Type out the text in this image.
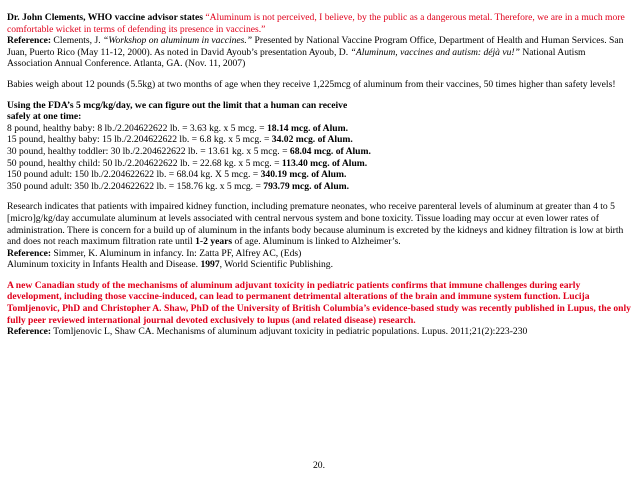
Dr. John Clements, WHO vaccine advisor states “Aluminum is not perceived, I believe, by the public as a dangerous metal. Therefore, we are in a much more comfortable wicket in terms of defending its presence in vaccines.”
Reference: Clements, J. “Workshop on aluminum in vaccines.” Presented by National Vaccine Program Office, Department of Health and Human Services. San Juan, Puerto Rico (May 11-12, 2000). As noted in David Ayoub’s presentation Ayoub, D. “Aluminum, vaccines and autism: déjà vu!” National Autism Association Annual Conference. Atlanta, GA. (Nov. 11, 2007)

Babies weigh about 12 pounds (5.5kg) at two months of age when they receive 1,225mcg of aluminum from their vaccines, 50 times higher than safety levels!

Using the FDA’s 5 mcg/kg/day, we can figure out the limit that a human can receive
safely at one time:
8 pound, healthy baby: 8 lb./2.204622622 lb. = 3.63 kg. x 5 mcg. = 18.14 mcg. of Alum.
15 pound, healthy baby: 15 lb./2.204622622 lb. = 6.8 kg. x 5 mcg. = 34.02 mcg. of Alum.
30 pound, healthy toddler: 30 lb./2.204622622 lb. = 13.61 kg. x 5 mcg. = 68.04 mcg. of Alum.
50 pound, healthy child: 50 lb./2.204622622 lb. = 22.68 kg. x 5 mcg. = 113.40 mcg. of Alum.
150 pound adult: 150 lb./2.204622622 lb. = 68.04 kg. X 5 mcg. = 340.19 mcg. of Alum.
350 pound adult: 350 lb./2.204622622 lb. = 158.76 kg. x 5 mcg. = 793.79 mcg. of Alum.

Research indicates that patients with impaired kidney function, including premature neonates, who receive parenteral levels of aluminum at greater than 4 to 5 [micro]g/kg/day accumulate aluminum at levels associated with central nervous system and bone toxicity. Tissue loading may occur at even lower rates of administration. There is concern for a build up of aluminum in the infants body because aluminum is excreted by the kidneys and kidney filtration is low at birth and does not reach maximum filtration rate until 1-2 years of age. Aluminum is linked to Alzheimer’s.
Reference: Simmer, K. Aluminum in infancy. In: Zatta PF, Alfrey AC, (Eds)
Aluminum toxicity in Infants Health and Disease. 1997, World Scientific Publishing.

A new Canadian study of the mechanisms of aluminum adjuvant toxicity in pediatric patients confirms that immune challenges during early development, including those vaccine-induced, can lead to permanent detrimental alterations of the brain and immune system function. Lucija Tomljenovic, PhD and Christopher A. Shaw, PhD of the University of British Columbia’s evidence-based study was recently published in Lupus, the only fully peer reviewed international journal devoted exclusively to lupus (and related disease) research.
Reference: Tomljenovic L, Shaw CA. Mechanisms of aluminum adjuvant toxicity in pediatric populations. Lupus. 2011;21(2):223-230

20.
